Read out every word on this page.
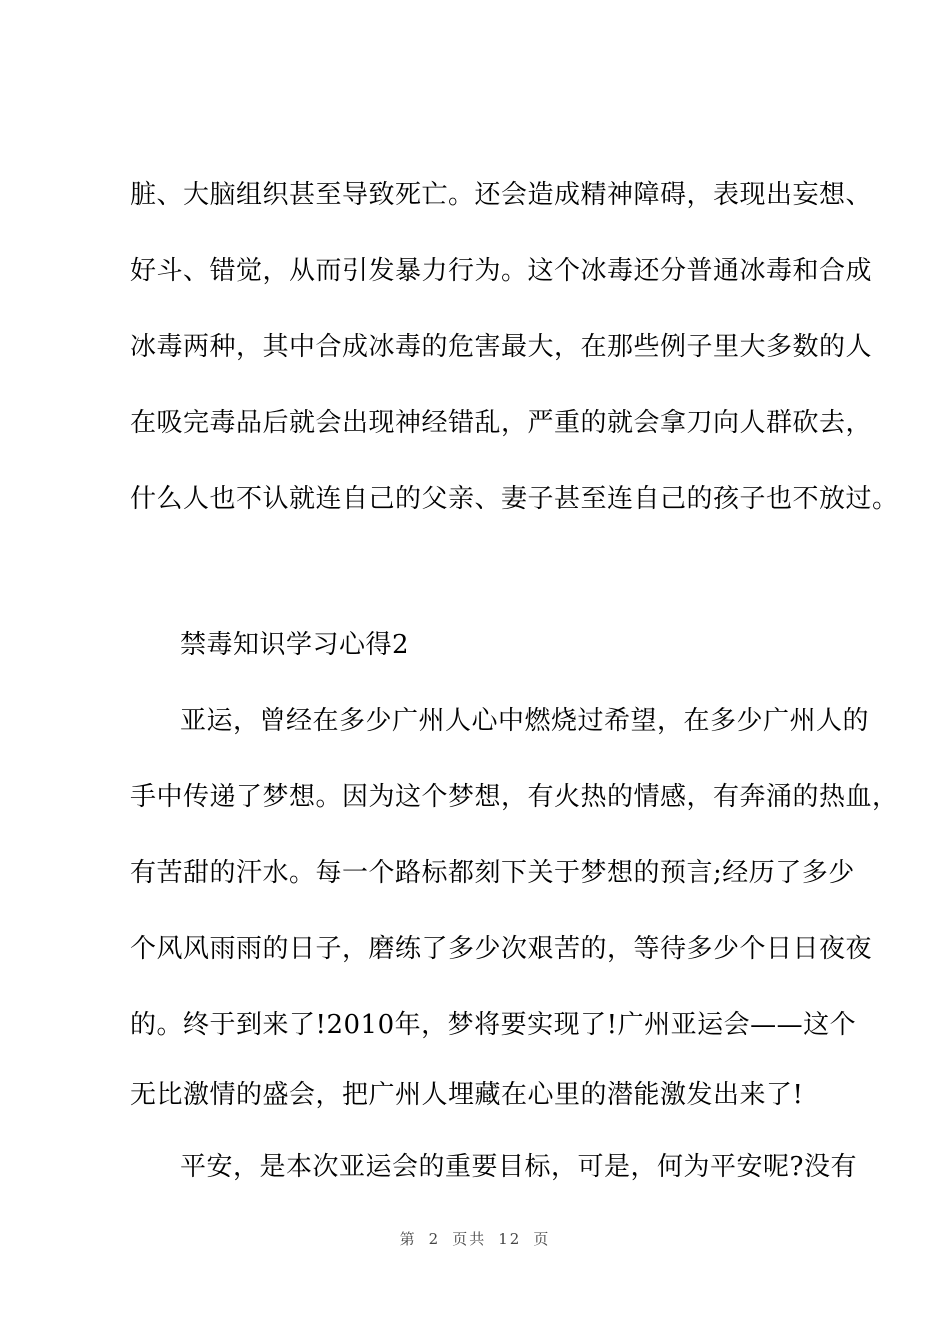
脏、大脑组织甚至导致死亡。还会造成精神障碍，表现出妄想、
好斗、错觉，从而引发暴力行为。这个冰毒还分普通冰毒和合成
冰毒两种，其中合成冰毒的危害最大，在那些例子里大多数的人
在吸完毒品后就会出现神经错乱，严重的就会拿刀向人群砍去，
什么人也不认就连自己的父亲、妻子甚至连自己的孩子也不放过。
禁毒知识学习心得2
亚运，曾经在多少广州人心中燃烧过希望，在多少广州人的
手中传递了梦想。因为这个梦想，有火热的情感，有奔涌的热血，
有苦甜的汗水。每一个路标都刻下关于梦想的预言;经历了多少
个风风雨雨的日子，磨练了多少次艰苦的，等待多少个日日夜夜
的。终于到来了!2010年，梦将要实现了!广州亚运会——这个
无比激情的盛会，把广州人埋藏在心里的潜能激发出来了!
平安，是本次亚运会的重要目标，可是，何为平安呢?没有
第 2 页共 12 页
